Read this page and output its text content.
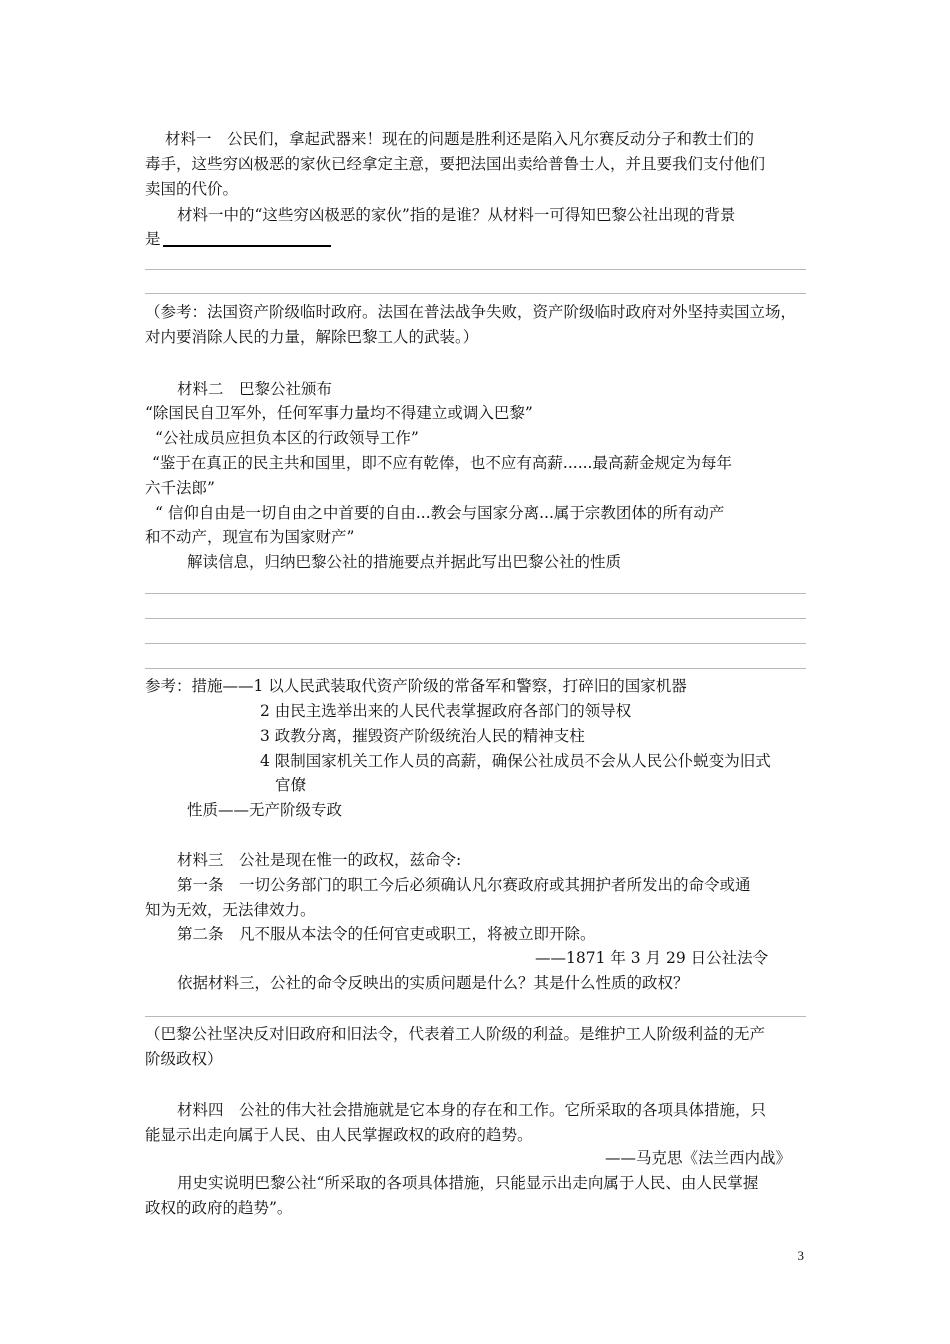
材料一　公民们，拿起武器来！现在的问题是胜利还是陷入凡尔赛反动分子和教士们的
毒手，这些穷凶极恶的家伙已经拿定主意，要把法国出卖给普鲁士人，并且要我们支付他们
卖国的代价。
材料一中的“这些穷凶极恶的家伙”指的是谁？从材料一可得知巴黎公社出现的背景
是
（参考：法国资产阶级临时政府。法国在普法战争失败，资产阶级临时政府对外坚持卖国立场，
对内要消除人民的力量，解除巴黎工人的武装。）
材料二　巴黎公社颁布
“除国民自卫军外，任何军事力量均不得建立或调入巴黎”
“公社成员应担负本区的行政领导工作”
“鉴于在真正的民主共和国里，即不应有乾俸，也不应有高薪......最高薪金规定为每年
六千法郎”
“ 信仰自由是一切自由之中首要的自由...教会与国家分离...属于宗教团体的所有动产
和不动产，现宣布为国家财产”
解读信息，归纳巴黎公社的措施要点并据此写出巴黎公社的性质
参考：措施——1 以人民武装取代资产阶级的常备军和警察，打碎旧的国家机器
2 由民主选举出来的人民代表掌握政府各部门的领导权
3 政教分离，摧毁资产阶级统治人民的精神支柱
4 限制国家机关工作人员的高薪，确保公社成员不会从人民公仆蜕变为旧式
官僚
性质——无产阶级专政
材料三　公社是现在惟一的政权，兹命令:
第一条　一切公务部门的职工今后必须确认凡尔赛政府或其拥护者所发出的命令或通
知为无效，无法律效力。
第二条　凡不服从本法令的任何官吏或职工，将被立即开除。
——1871 年 3 月 29 日公社法令
依据材料三，公社的命令反映出的实质问题是什么？其是什么性质的政权？
（巴黎公社坚决反对旧政府和旧法令，代表着工人阶级的利益。是维护工人阶级利益的无产
阶级政权）
材料四　公社的伟大社会措施就是它本身的存在和工作。它所采取的各项具体措施，只
能显示出走向属于人民、由人民掌握政权的政府的趋势。
——马克思《法兰西内战》
用史实说明巴黎公社“所采取的各项具体措施，只能显示出走向属于人民、由人民掌握
政权的政府的趋势”。
3
